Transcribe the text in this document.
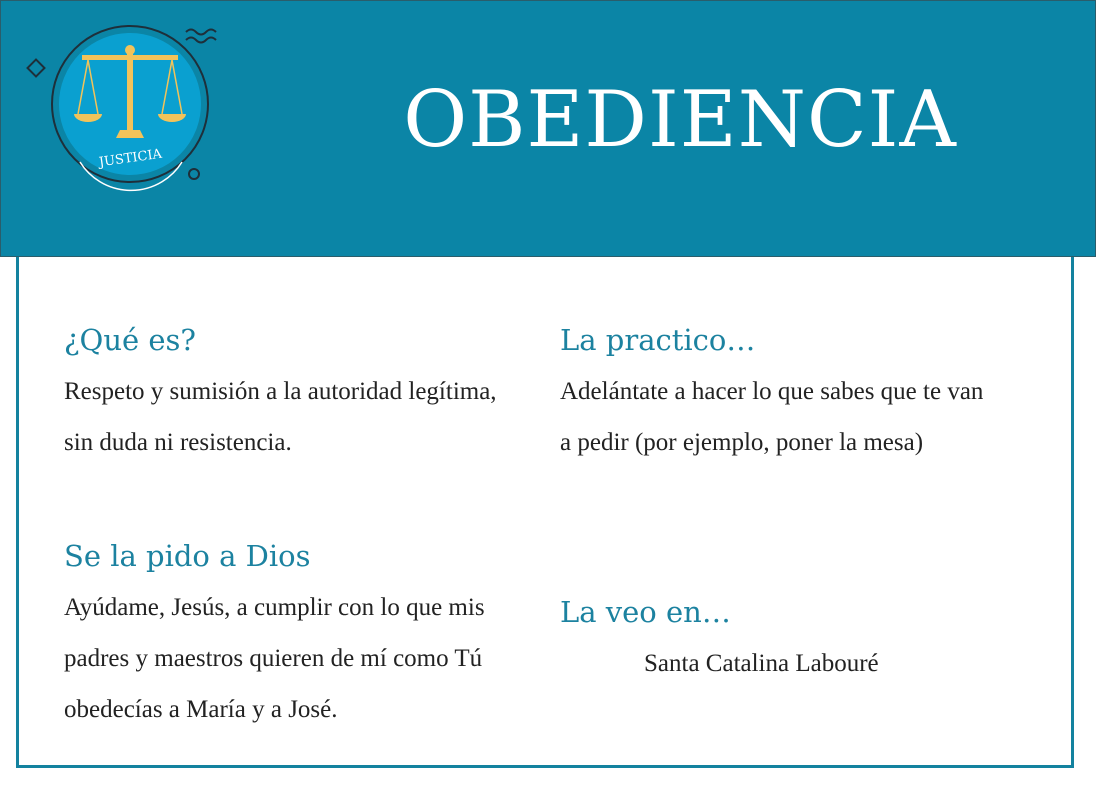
JUSTICIA	OBEDIENCIA
¿Qué es?

Respeto y sumisión a la autoridad legítima, sin duda ni resistencia.

La practico…

Adelántate a hacer lo que sabes que te van a pedir (por ejemplo, poner la mesa)

Se la pido a Dios

Ayúdame, Jesús, a cumplir con lo que mis padres y maestros quieren de mí como Tú obedecías a María y a José.

La veo en…

Santa Catalina Labouré
